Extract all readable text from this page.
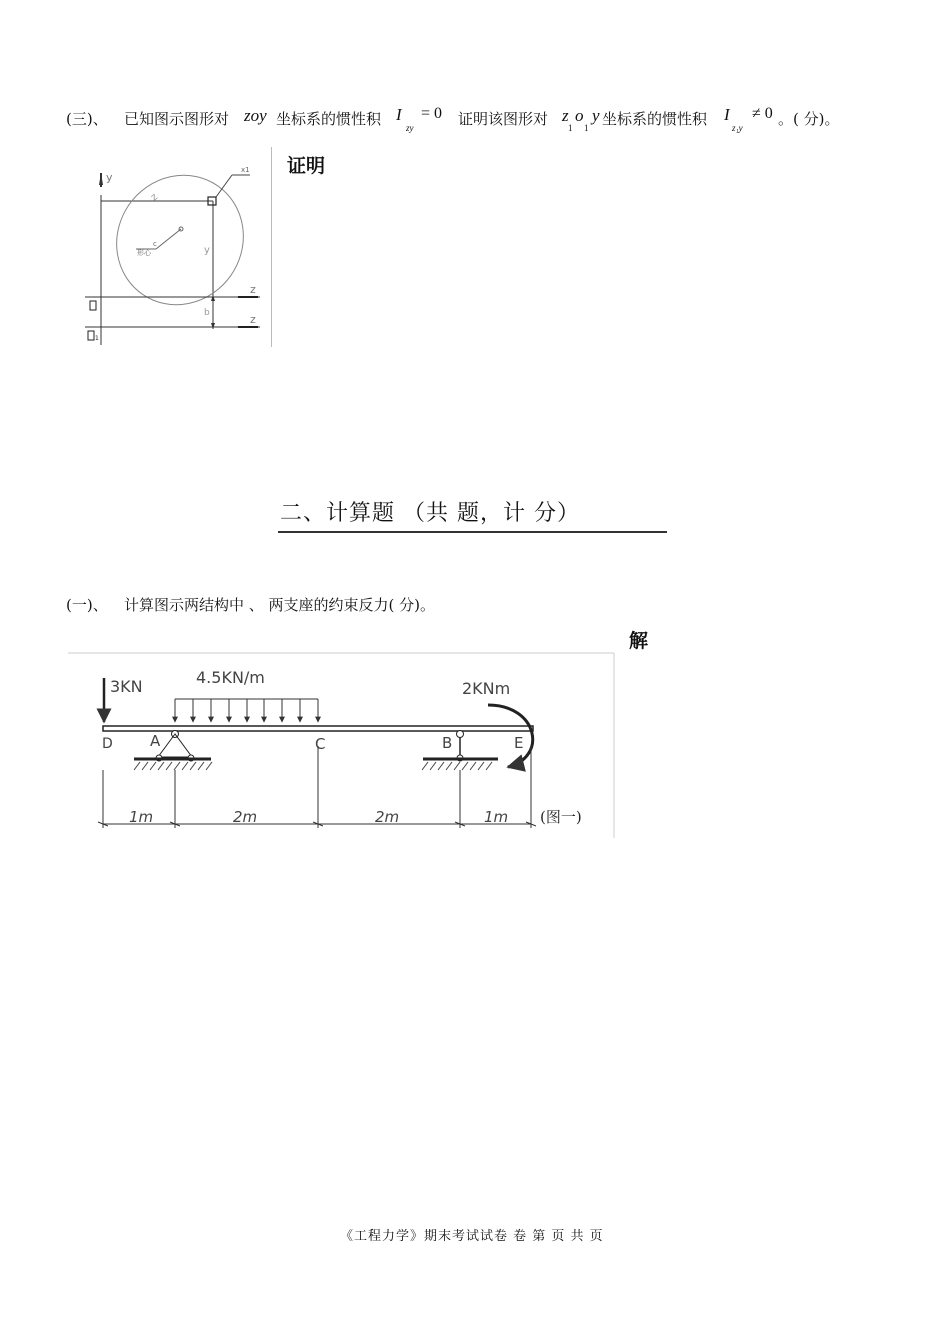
(三)、 已知图示图形对 zoy 坐标系的惯性积 I
zy
= 0 证明该图形对 z
1
o
1
y 坐标系的惯性积 I
z₁y
≠ 0 。( 分)。
y
x1
c
形心
z
y
z
z
1
b
证明
二、计算题 （共 题，计 分）
(一)、 计算图示两结构中 、 两支座的约束反力( 分)。
解
3KN	4.5KN/m
2KNm
D A	C	B	E
1m	2m	2m	1m (图一)
《工程力学》期末考试试卷 卷 第 页 共 页
